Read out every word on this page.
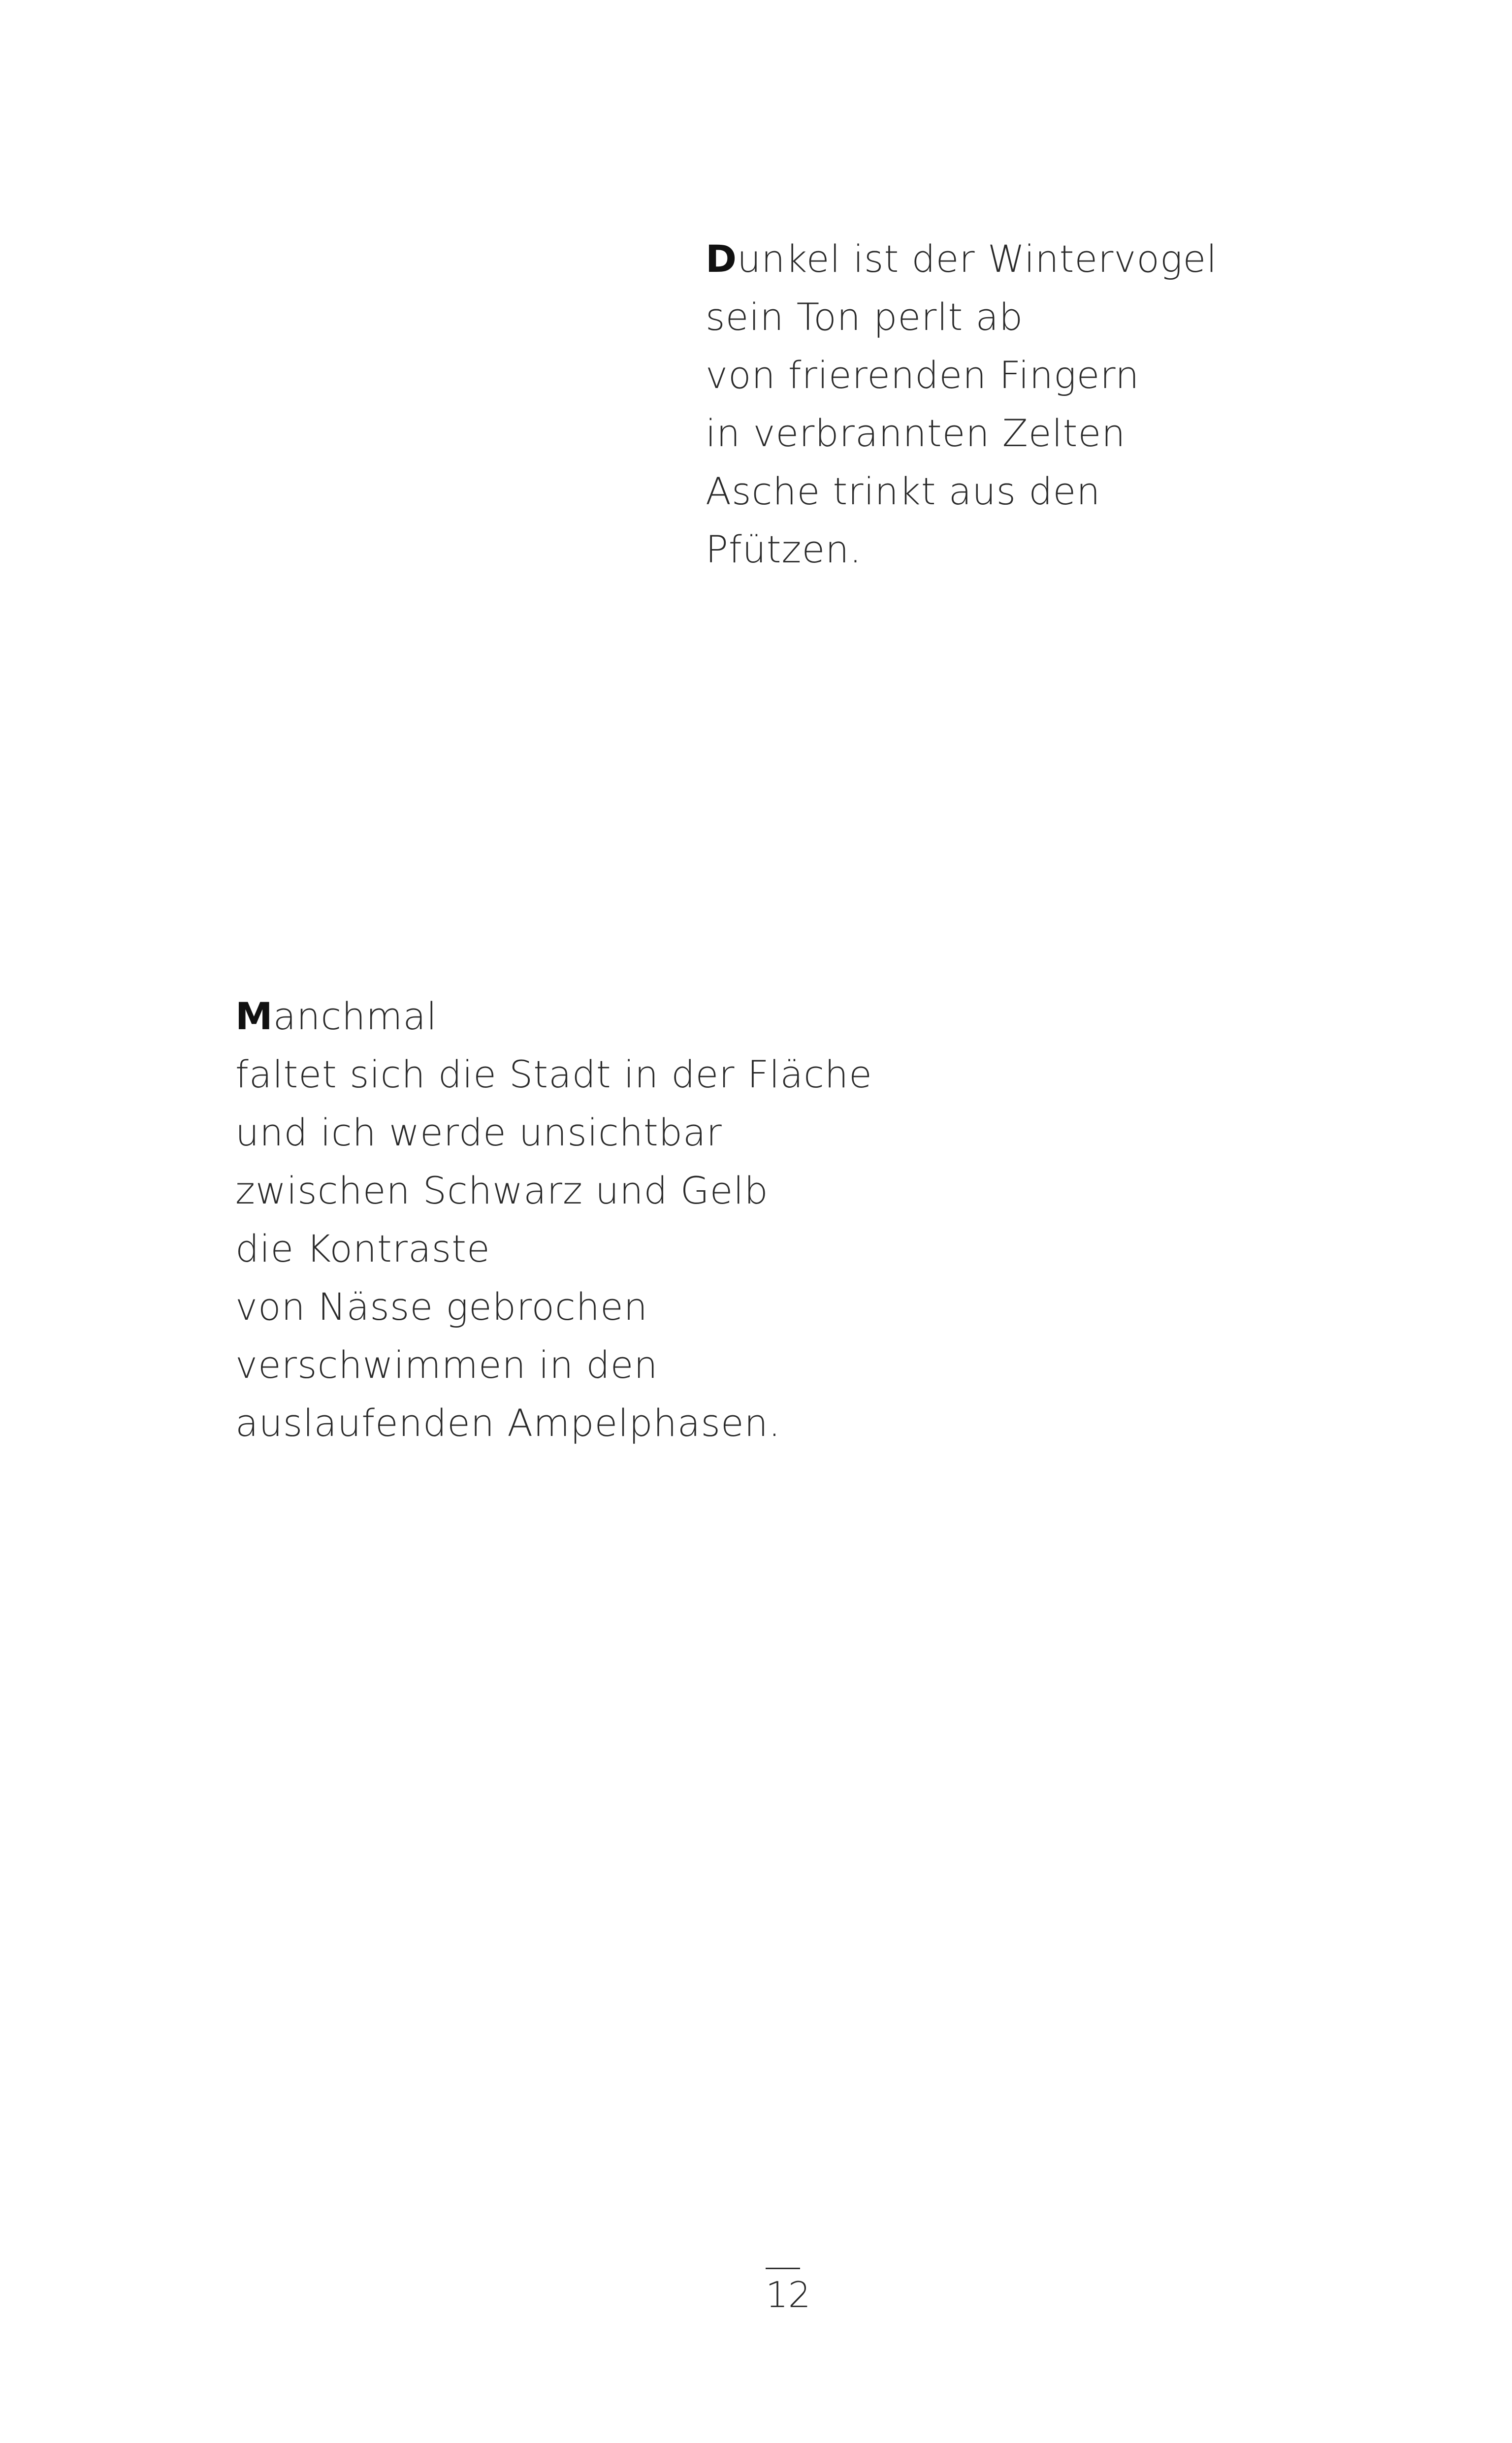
Dunkel ist der Wintervogel
sein Ton perlt ab
von frierenden Fingern
in verbrannten Zelten
Asche trinkt aus den
Pfützen.
Manchmal
faltet sich die Stadt in der Fläche
und ich werde unsichtbar
zwischen Schwarz und Gelb
die Kontraste
von Nässe gebrochen
verschwimmen in den
auslaufenden Ampelphasen.
12
